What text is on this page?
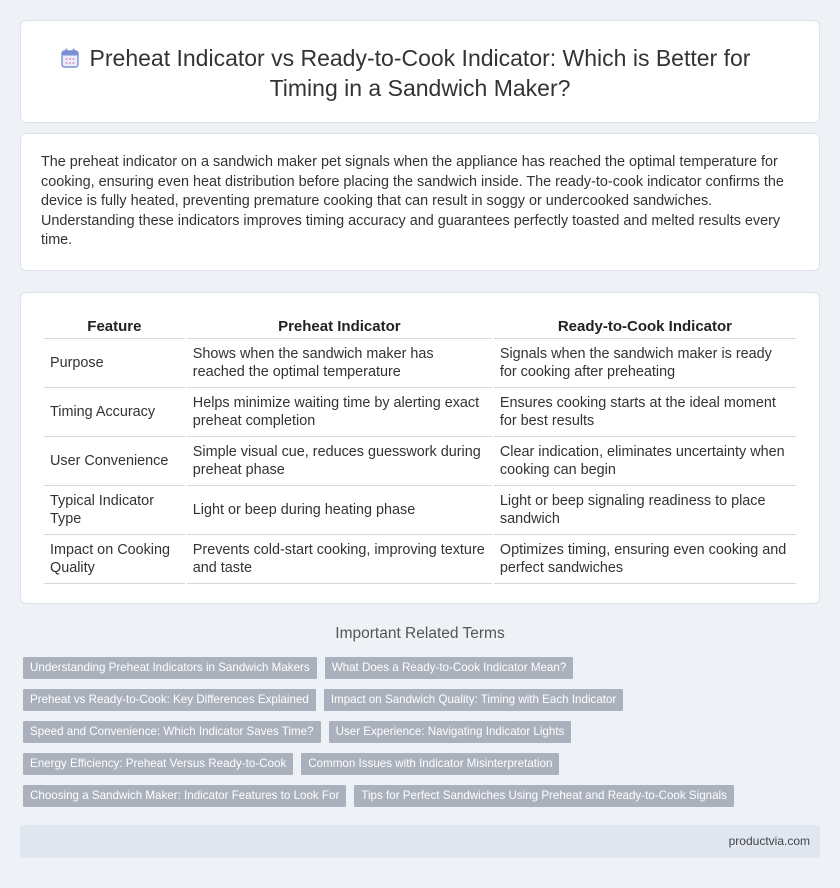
Preheat Indicator vs Ready-to-Cook Indicator: Which is Better for Timing in a Sandwich Maker?

The preheat indicator on a sandwich maker pet signals when the appliance has reached the optimal temperature for cooking, ensuring even heat distribution before placing the sandwich inside. The ready-to-cook indicator confirms the device is fully heated, preventing premature cooking that can result in soggy or undercooked sandwiches. Understanding these indicators improves timing accuracy and guarantees perfectly toasted and melted results every time.

Feature	Preheat Indicator	Ready-to-Cook Indicator
Purpose	Shows when the sandwich maker has reached the optimal temperature	Signals when the sandwich maker is ready for cooking after preheating
Timing Accuracy	Helps minimize waiting time by alerting exact preheat completion	Ensures cooking starts at the ideal moment for best results
User Convenience	Simple visual cue, reduces guesswork during preheat phase	Clear indication, eliminates uncertainty when cooking can begin
Typical Indicator Type	Light or beep during heating phase	Light or beep signaling readiness to place sandwich
Impact on Cooking Quality	Prevents cold-start cooking, improving texture and taste	Optimizes timing, ensuring even cooking and perfect sandwiches
Important Related Terms
Understanding Preheat Indicators in Sandwich Makers	What Does a Ready-to-Cook Indicator Mean?
Preheat vs Ready-to-Cook: Key Differences Explained	Impact on Sandwich Quality: Timing with Each Indicator
Speed and Convenience: Which Indicator Saves Time?	User Experience: Navigating Indicator Lights
Energy Efficiency: Preheat Versus Ready-to-Cook	Common Issues with Indicator Misinterpretation
Choosing a Sandwich Maker: Indicator Features to Look For	Tips for Perfect Sandwiches Using Preheat and Ready-to-Cook Signals
productvia.com
